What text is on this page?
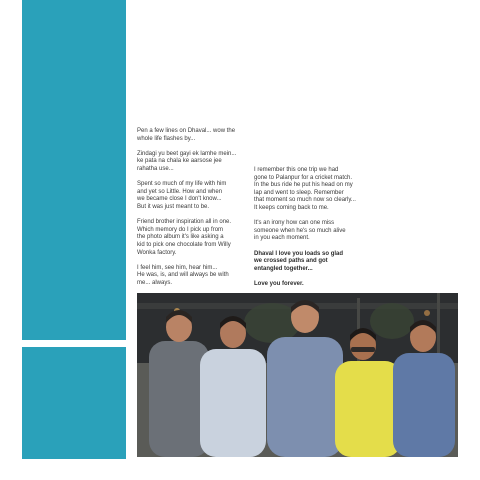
Pen a few lines on Dhaval... wow the
whole life flashes by...

Zindagi yu beet gayi ek lamhe mein...
ke pata na chala ke aarsose jee
rahatha use...

Spent so much of my life with him
and yet so Little. How and when
we became close I don't know...
But it was just meant to be.

Friend brother inspiration all in one.
Which memory do I pick up from
the photo album it's like asking a
kid to pick one chocolate from Willy
Wonka factory.

I feel him, see him, hear him...
He was, is, and will always be with
me... always.

I remember this one trip we had
gone to Palanpur for a cricket match.
In the bus ride he put his head on my
lap and went to sleep. Remember
that moment so much now so clearly...
It keeps coming back to me.

It's an irony how can one miss
someone when he's so much alive
in you each moment.

Dhaval I love you loads so glad
we crossed paths and got
entangled together...

Love you forever.
